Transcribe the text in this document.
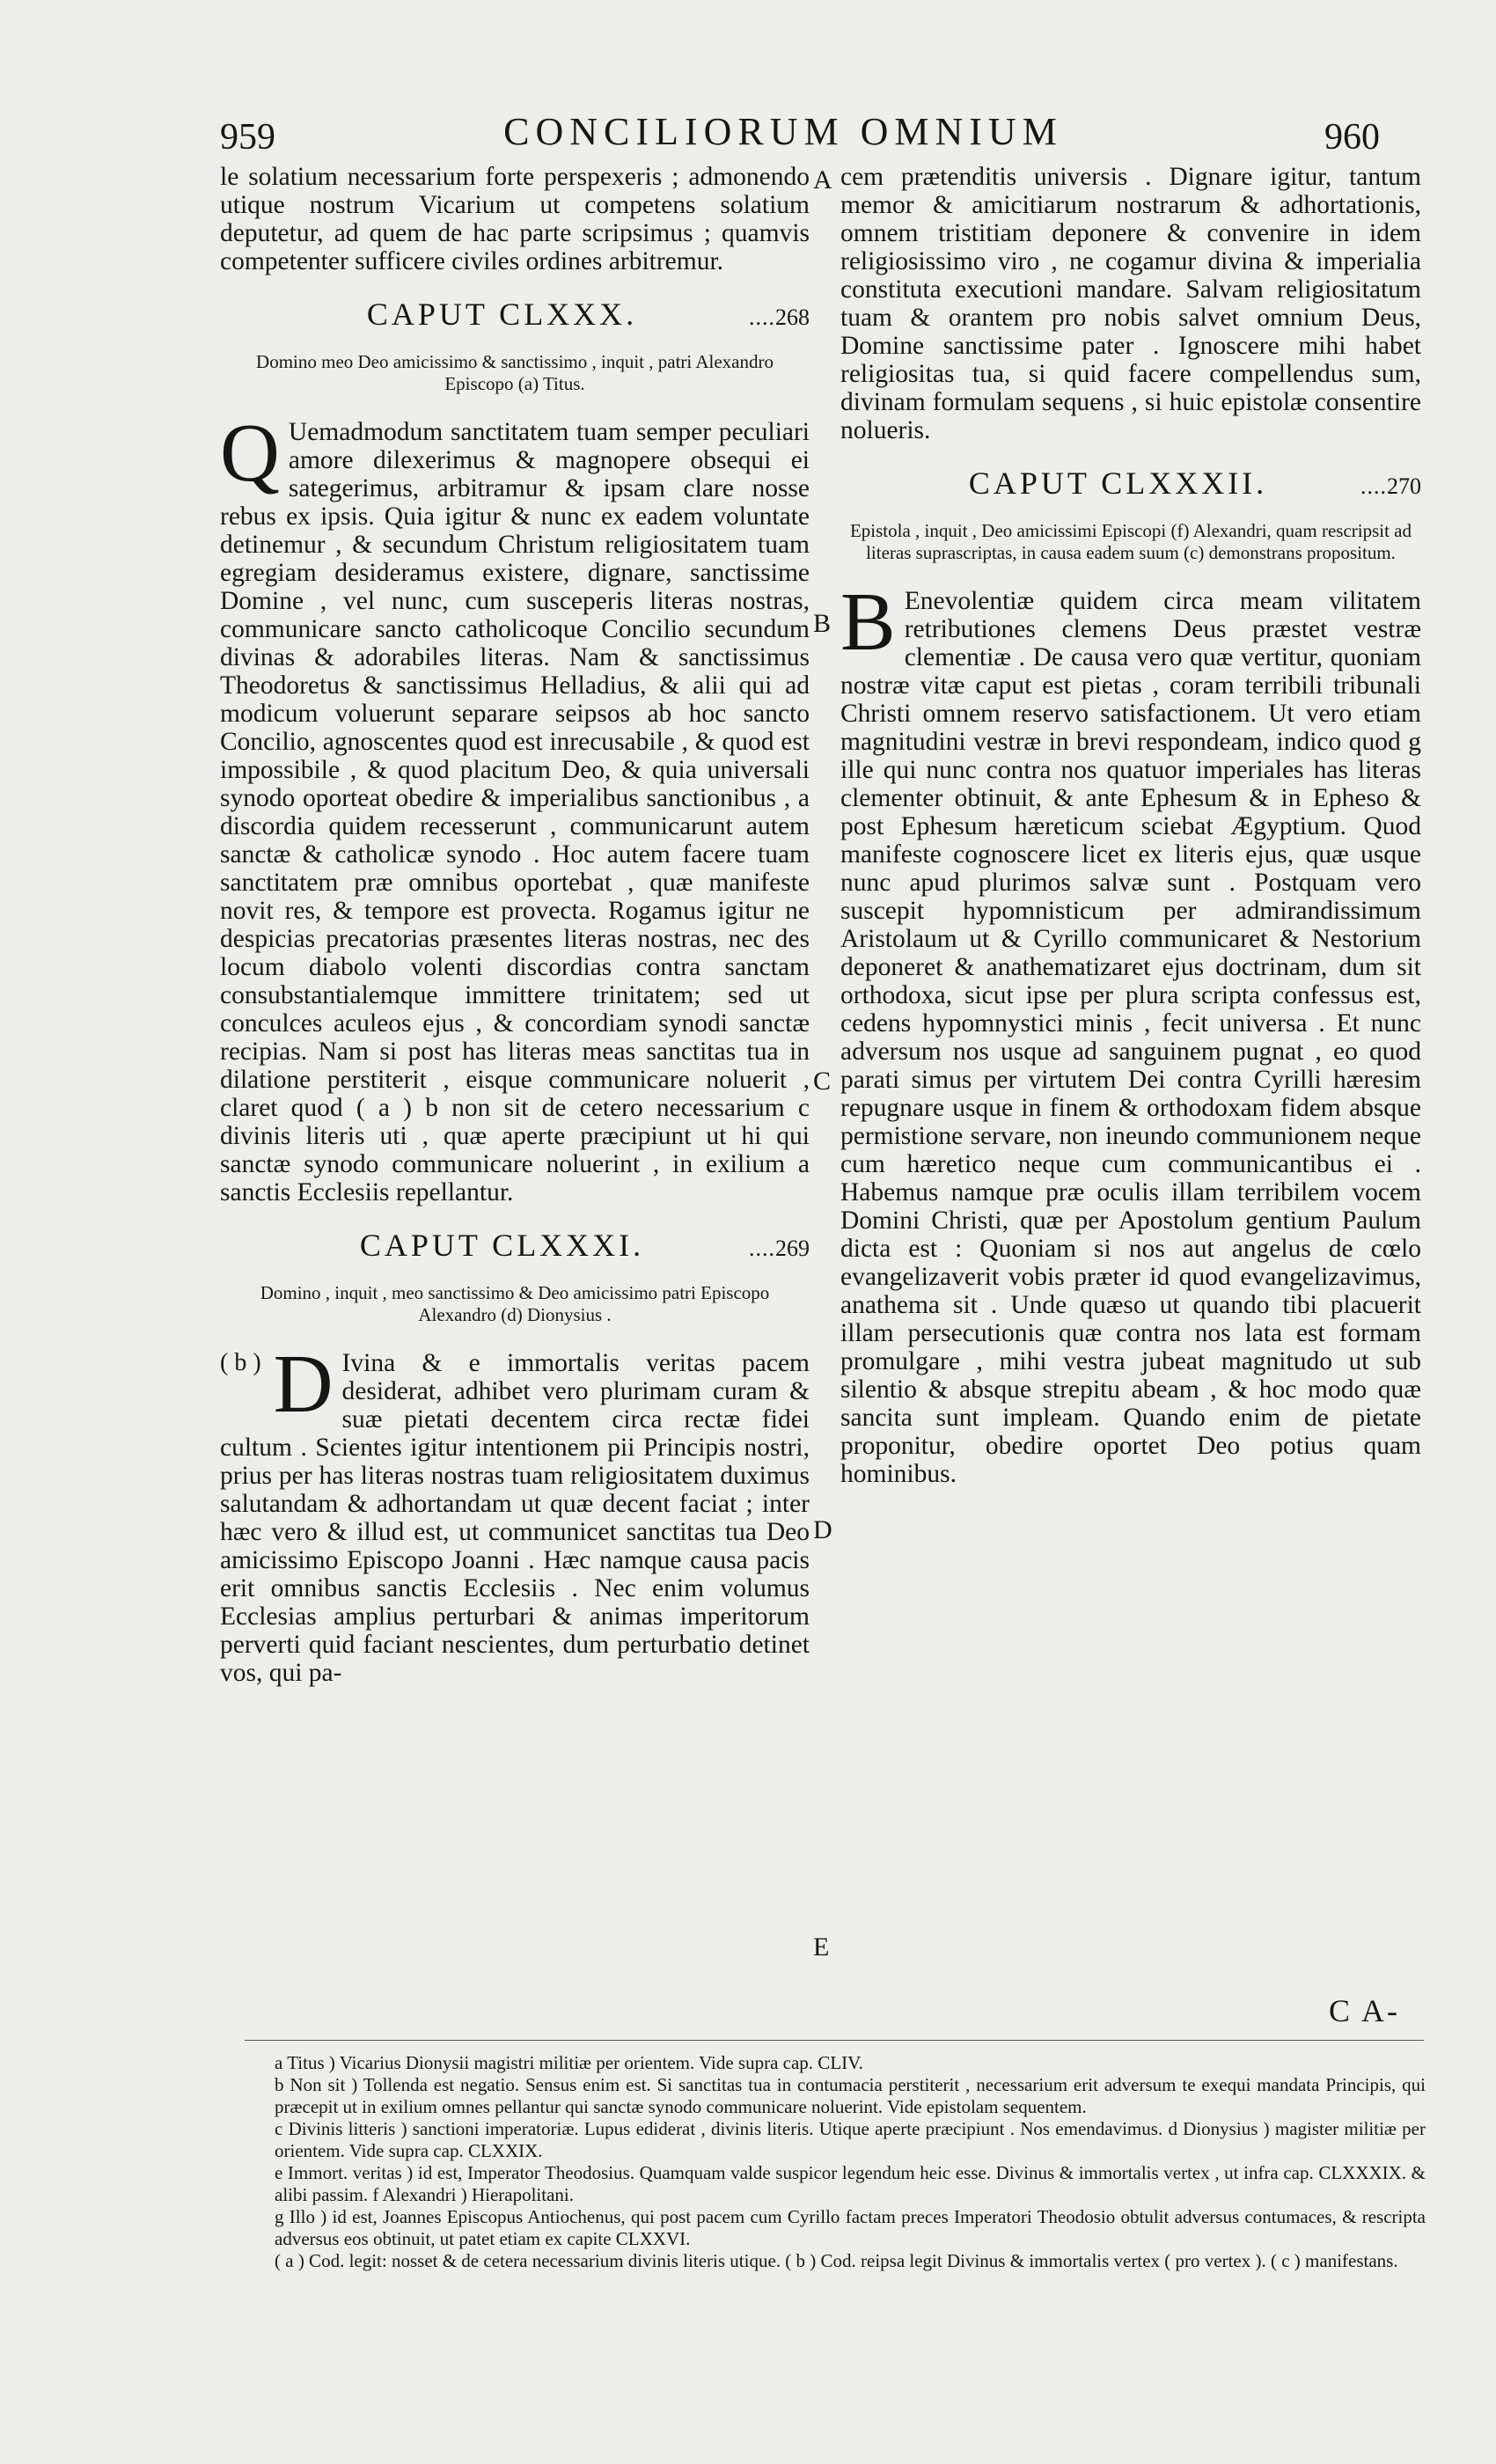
959	CONCILIORUM OMNIUM	960

le solatium necessarium forte perspexeris ; admonendo utique nostrum Vicarium ut competens solatium deputetur, ad quem de hac parte scripsimus ; quamvis competenter sufficere civiles ordines arbitremur.

CAPUT CLXXX.	....268
Domino meo Deo amicissimo & sanctissimo , inquit , patri Alexandro Episcopo (a) Titus.

Q Uemadmodum sanctitatem tuam semper peculiari amore dilexerimus & magnopere obsequi ei sategerimus, arbitramur & ipsam clare nosse rebus ex ipsis. Quia igitur & nunc ex eadem voluntate detinemur , & secundum Christum religiositatem tuam egregiam desideramus existere, dignare, sanctissime Domine , vel nunc, cum susceperis literas nostras, communicare sancto catholicoque Concilio secundum divinas & adorabiles literas. Nam & sanctissimus Theodoretus & sanctissimus Helladius, & alii qui ad modicum voluerunt separare seipsos ab hoc sancto Concilio, agnoscentes quod est inrecusabile , & quod est impossibile , & quod placitum Deo, & quia universali synodo oporteat obedire & imperialibus sanctionibus , a discordia quidem recesserunt , communicarunt autem sanctæ & catholicæ synodo . Hoc autem facere tuam sanctitatem præ omnibus oportebat , quæ manifeste novit res, & tempore est provecta. Rogamus igitur ne despicias precatorias præsentes literas nostras, nec des locum diabolo volenti discordias contra sanctam consubstantialemque immittere trinitatem; sed ut conculces aculeos ejus , & concordiam synodi sanctæ recipias. Nam si post has literas meas sanctitas tua in dilatione perstiterit , eisque communicare noluerit , claret quod ( a ) b non sit de cetero necessarium c divinis literis uti , quæ aperte præcipiunt ut hi qui sanctæ synodo communicare noluerint , in exilium a sanctis Ecclesiis repellantur.

CAPUT CLXXXI.	....269
Domino , inquit , meo sanctissimo & Deo amicissimo patri Episcopo Alexandro (d) Dionysius .

( b ) D Ivina & e immortalis veritas pacem desiderat, adhibet vero plurimam curam & suæ pietati decentem circa rectæ fidei cultum . Scientes igitur intentionem pii Principis nostri, prius per has literas nostras tuam religiositatem duximus salutandam & adhortandam ut quæ decent faciat ; inter hæc vero & illud est, ut communicet sanctitas tua Deo amicissimo Episcopo Joanni . Hæc namque causa pacis erit omnibus sanctis Ecclesiis . Nec enim volumus Ecclesias amplius perturbari & animas imperitorum perverti quid faciant nescientes, dum perturbatio detinet vos, qui pa-

A
B
C
D
E

cem prætenditis universis . Dignare igitur, tantum memor & amicitiarum nostrarum & adhortationis, omnem tristitiam deponere & convenire in idem religiosissimo viro , ne cogamur divina & imperialia constituta executioni mandare. Salvam religiositatum tuam & orantem pro nobis salvet omnium Deus, Domine sanctissime pater . Ignoscere mihi habet religiositas tua, si quid facere compellendus sum, divinam formulam sequens , si huic epistolæ consentire nolueris.

CAPUT CLXXXII.	....270
Epistola , inquit , Deo amicissimi Episcopi (f) Alexandri, quam rescripsit ad literas suprascriptas, in causa eadem suum (c) demonstrans propositum.

B Enevolentiæ quidem circa meam vilitatem retributiones clemens Deus præstet vestræ clementiæ . De causa vero quæ vertitur, quoniam nostræ vitæ caput est pietas , coram terribili tribunali Christi omnem reservo satisfactionem. Ut vero etiam magnitudini vestræ in brevi respondeam, indico quod g ille qui nunc contra nos quatuor imperiales has literas clementer obtinuit, & ante Ephesum & in Epheso & post Ephesum hæreticum sciebat Ægyptium. Quod manifeste cognoscere licet ex literis ejus, quæ usque nunc apud plurimos salvæ sunt . Postquam vero suscepit hypomnisticum per admirandissimum Aristolaum ut & Cyrillo communicaret & Nestorium deponeret & anathematizaret ejus doctrinam, dum sit orthodoxa, sicut ipse per plura scripta confessus est, cedens hypomnystici minis , fecit universa . Et nunc adversum nos usque ad sanguinem pugnat , eo quod parati simus per virtutem Dei contra Cyrilli hæresim repugnare usque in finem & orthodoxam fidem absque permistione servare, non ineundo communionem neque cum hæretico neque cum communicantibus ei . Habemus namque præ oculis illam terribilem vocem Domini Christi, quæ per Apostolum gentium Paulum dicta est : Quoniam si nos aut angelus de cœlo evangelizaverit vobis præter id quod evangelizavimus, anathema sit . Unde quæso ut quando tibi placuerit illam persecutionis quæ contra nos lata est formam promulgare , mihi vestra jubeat magnitudo ut sub silentio & absque strepitu abeam , & hoc modo quæ sancita sunt impleam. Quando enim de pietate proponitur, obedire oportet Deo potius quam hominibus.

C A-

a Titus ) Vicarius Dionysii magistri militiæ per orientem. Vide supra cap. CLIV.

b Non sit ) Tollenda est negatio. Sensus enim est. Si sanctitas tua in contumacia perstiterit , necessarium erit adversum te exequi mandata Principis, qui præcepit ut in exilium omnes pellantur qui sanctæ synodo communicare noluerint. Vide epistolam sequentem.

c Divinis litteris ) sanctioni imperatoriæ. Lupus ediderat , divinis literis. Utique aperte præcipiunt . Nos emendavimus. d Dionysius ) magister militiæ per orientem. Vide supra cap. CLXXIX.

e Immort. veritas ) id est, Imperator Theodosius. Quamquam valde suspicor legendum heic esse. Divinus & immortalis vertex , ut infra cap. CLXXXIX. & alibi passim. f Alexandri ) Hierapolitani.

g Illo ) id est, Joannes Episcopus Antiochenus, qui post pacem cum Cyrillo factam preces Imperatori Theodosio obtulit adversus contumaces, & rescripta adversus eos obtinuit, ut patet etiam ex capite CLXXVI.

( a ) Cod. legit: nosset & de cetera necessarium divinis literis utique. ( b ) Cod. reipsa legit Divinus & immortalis vertex ( pro vertex ). ( c ) manifestans.
